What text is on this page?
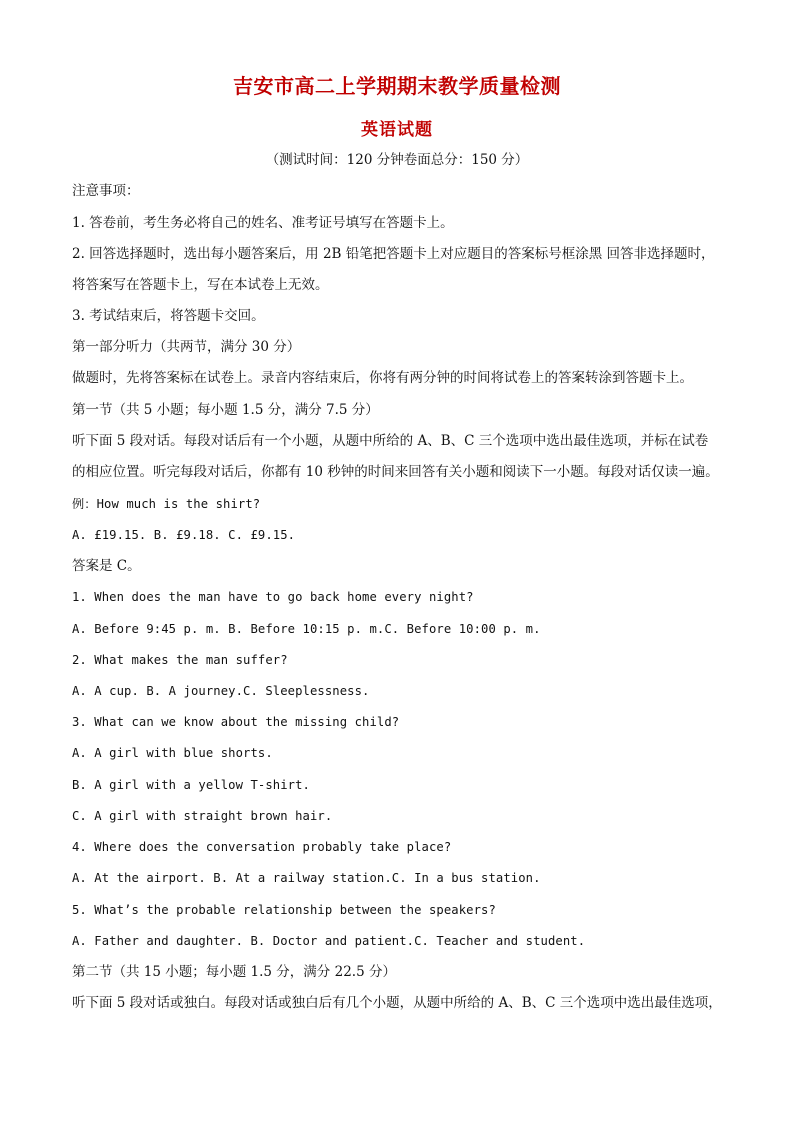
吉安市高二上学期期末教学质量检测
英语试题
（测试时间：120 分钟卷面总分：150 分）
注意事项：
1. 答卷前，考生务必将自己的姓名、准考证号填写在答题卡上。
2. 回答选择题时，选出每小题答案后，用 2B 铅笔把答题卡上对应题目的答案标号框涂黑 回答非选择题时，
将答案写在答题卡上，写在本试卷上无效。
3. 考试结束后，将答题卡交回。
第一部分听力（共两节，满分 30 分）
做题时，先将答案标在试卷上。录音内容结束后，你将有两分钟的时间将试卷上的答案转涂到答题卡上。
第一节（共 5 小题；每小题 1.5 分，满分 7.5 分）
听下面 5 段对话。每段对话后有一个小题，从题中所给的 A、B、C 三个选项中选出最佳选项，并标在试卷
的相应位置。听完每段对话后，你都有 10 秒钟的时间来回答有关小题和阅读下一小题。每段对话仅读一遍。
例：How much is the shirt?
A. £19.15. B. £9.18. C. £9.15.
答案是 C。
1. When does the man have to go back home every night?
A. Before 9:45 p. m. B. Before 10:15 p. m.C. Before 10:00 p. m.
2. What makes the man suffer?
A. A cup. B. A journey.C. Sleeplessness.
3. What can we know about the missing child?
A. A girl with blue shorts.
B. A girl with a yellow T-shirt.
C. A girl with straight brown hair.
4. Where does the conversation probably take place?
A. At the airport. B. At a railway station.C. In a bus station.
5. What’s the probable relationship between the speakers?
A. Father and daughter. B. Doctor and patient.C. Teacher and student.
第二节（共 15 小题；每小题 1.5 分，满分 22.5 分）
听下面 5 段对话或独白。每段对话或独白后有几个小题，从题中所给的 A、B、C 三个选项中选出最佳选项，
